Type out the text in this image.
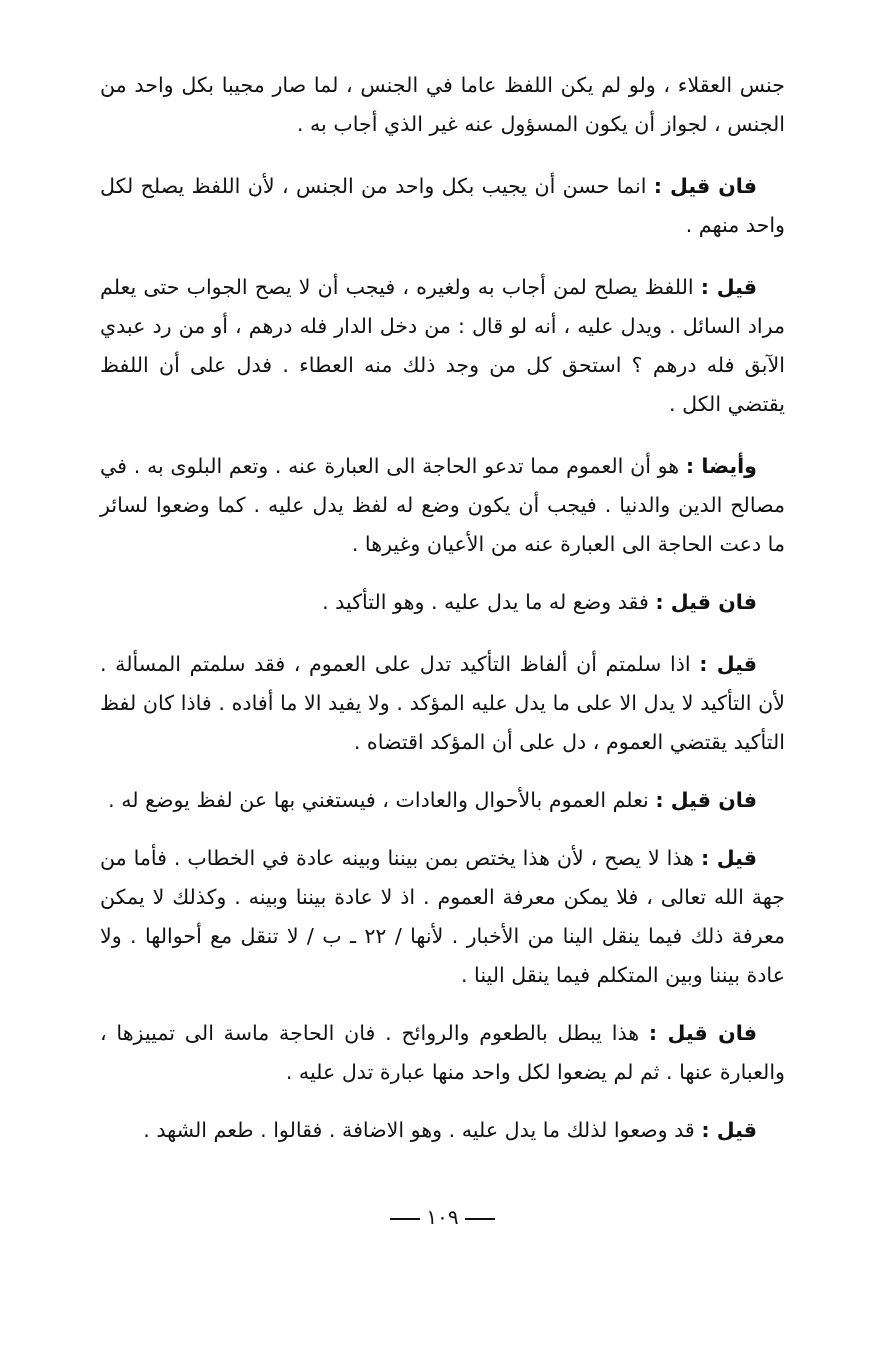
جنس العقلاء ، ولو لم يكن اللفظ عاما في الجنس ، لما صار مجيبا بكل واحد من الجنس ، لجواز أن يكون المسؤول عنه غير الذي أجاب به .

فان قيل : انما حسن أن يجيب بكل واحد من الجنس ، لأن اللفظ يصلح لكل واحد منهم .

قيل : اللفظ يصلح لمن أجاب به ولغيره ، فيجب أن لا يصح الجواب حتى يعلم مراد السائل . ويدل عليه ، أنه لو قال : من دخل الدار فله درهم ، أو من رد عبدي الآبق فله درهم ؟ استحق كل من وجد ذلك منه العطاء . فدل على أن اللفظ يقتضي الكل .

وأيضا : هو أن العموم مما تدعو الحاجة الى العبارة عنه . وتعم البلوى به . في مصالح الدين والدنيا . فيجب أن يكون وضع له لفظ يدل عليه . كما وضعوا لسائر ما دعت الحاجة الى العبارة عنه من الأعيان وغيرها .

فان قيل : فقد وضع له ما يدل عليه . وهو التأكيد .

قيل : اذا سلمتم أن ألفاظ التأكيد تدل على العموم ، فقد سلمتم المسألة . لأن التأكيد لا يدل الا على ما يدل عليه المؤكد . ولا يفيد الا ما أفاده . فاذا كان لفظ التأكيد يقتضي العموم ، دل على أن المؤكد اقتضاه .

فان قيل : نعلم العموم بالأحوال والعادات ، فيستغني بها عن لفظ يوضع له .

قيل : هذا لا يصح ، لأن هذا يختص بمن بيننا وبينه عادة في الخطاب . فأما من جهة الله تعالى ، فلا يمكن معرفة العموم . اذ لا عادة بيننا وبينه . وكذلك لا يمكن معرفة ذلك فيما ينقل الينا من الأخبار . لأنها / ٢٢ ـ ب / لا تنقل مع أحوالها . ولا عادة بيننا وبين المتكلم فيما ينقل الينا .

فان قيل : هذا يبطل بالطعوم والروائح . فان الحاجة ماسة الى تمييزها ، والعبارة عنها . ثم لم يضعوا لكل واحد منها عبارة تدل عليه .

قيل : قد وصعوا لذلك ما يدل عليه . وهو الاضافة . فقالوا . طعم الشهد .

١٠٩
